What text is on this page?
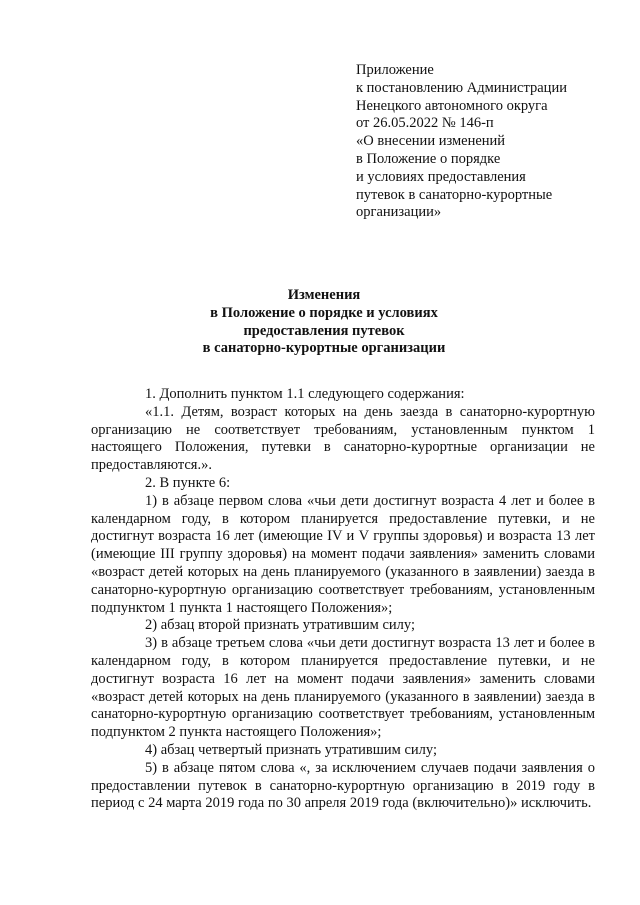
Приложение
к постановлению Администрации
Ненецкого автономного округа
от 26.05.2022 № 146-п
«О внесении изменений
в Положение о порядке
и условиях предоставления
путевок в санаторно-курортные
организации»
Изменения
в Положение о порядке и условиях
предоставления путевок
в санаторно-курортные организации

1. Дополнить пунктом 1.1 следующего содержания:

«1.1. Детям, возраст которых на день заезда в санаторно-курортную организацию не соответствует требованиям, установленным пунктом 1 настоящего Положения, путевки в санаторно-курортные организации не предоставляются.».

2. В пункте 6:

1) в абзаце первом слова «чьи дети достигнут возраста 4 лет и более в календарном году, в котором планируется предоставление путевки, и не достигнут возраста 16 лет (имеющие IV и V группы здоровья) и возраста 13 лет (имеющие III группу здоровья) на момент подачи заявления» заменить словами «возраст детей которых на день планируемого (указанного в заявлении) заезда в санаторно-курортную организацию соответствует требованиям, установленным подпунктом 1 пункта 1 настоящего Положения»;

2) абзац второй признать утратившим силу;

3) в абзаце третьем слова «чьи дети достигнут возраста 13 лет и более в календарном году, в котором планируется предоставление путевки, и не достигнут возраста 16 лет на момент подачи заявления» заменить словами «возраст детей которых на день планируемого (указанного в заявлении) заезда в санаторно-курортную организацию соответствует требованиям, установленным подпунктом 2 пункта настоящего Положения»;

4) абзац четвертый признать утратившим силу;

5) в абзаце пятом слова «, за исключением случаев подачи заявления о предоставлении путевок в санаторно-курортную организацию в 2019 году в период с 24 марта 2019 года по 30 апреля 2019 года (включительно)» исключить.
